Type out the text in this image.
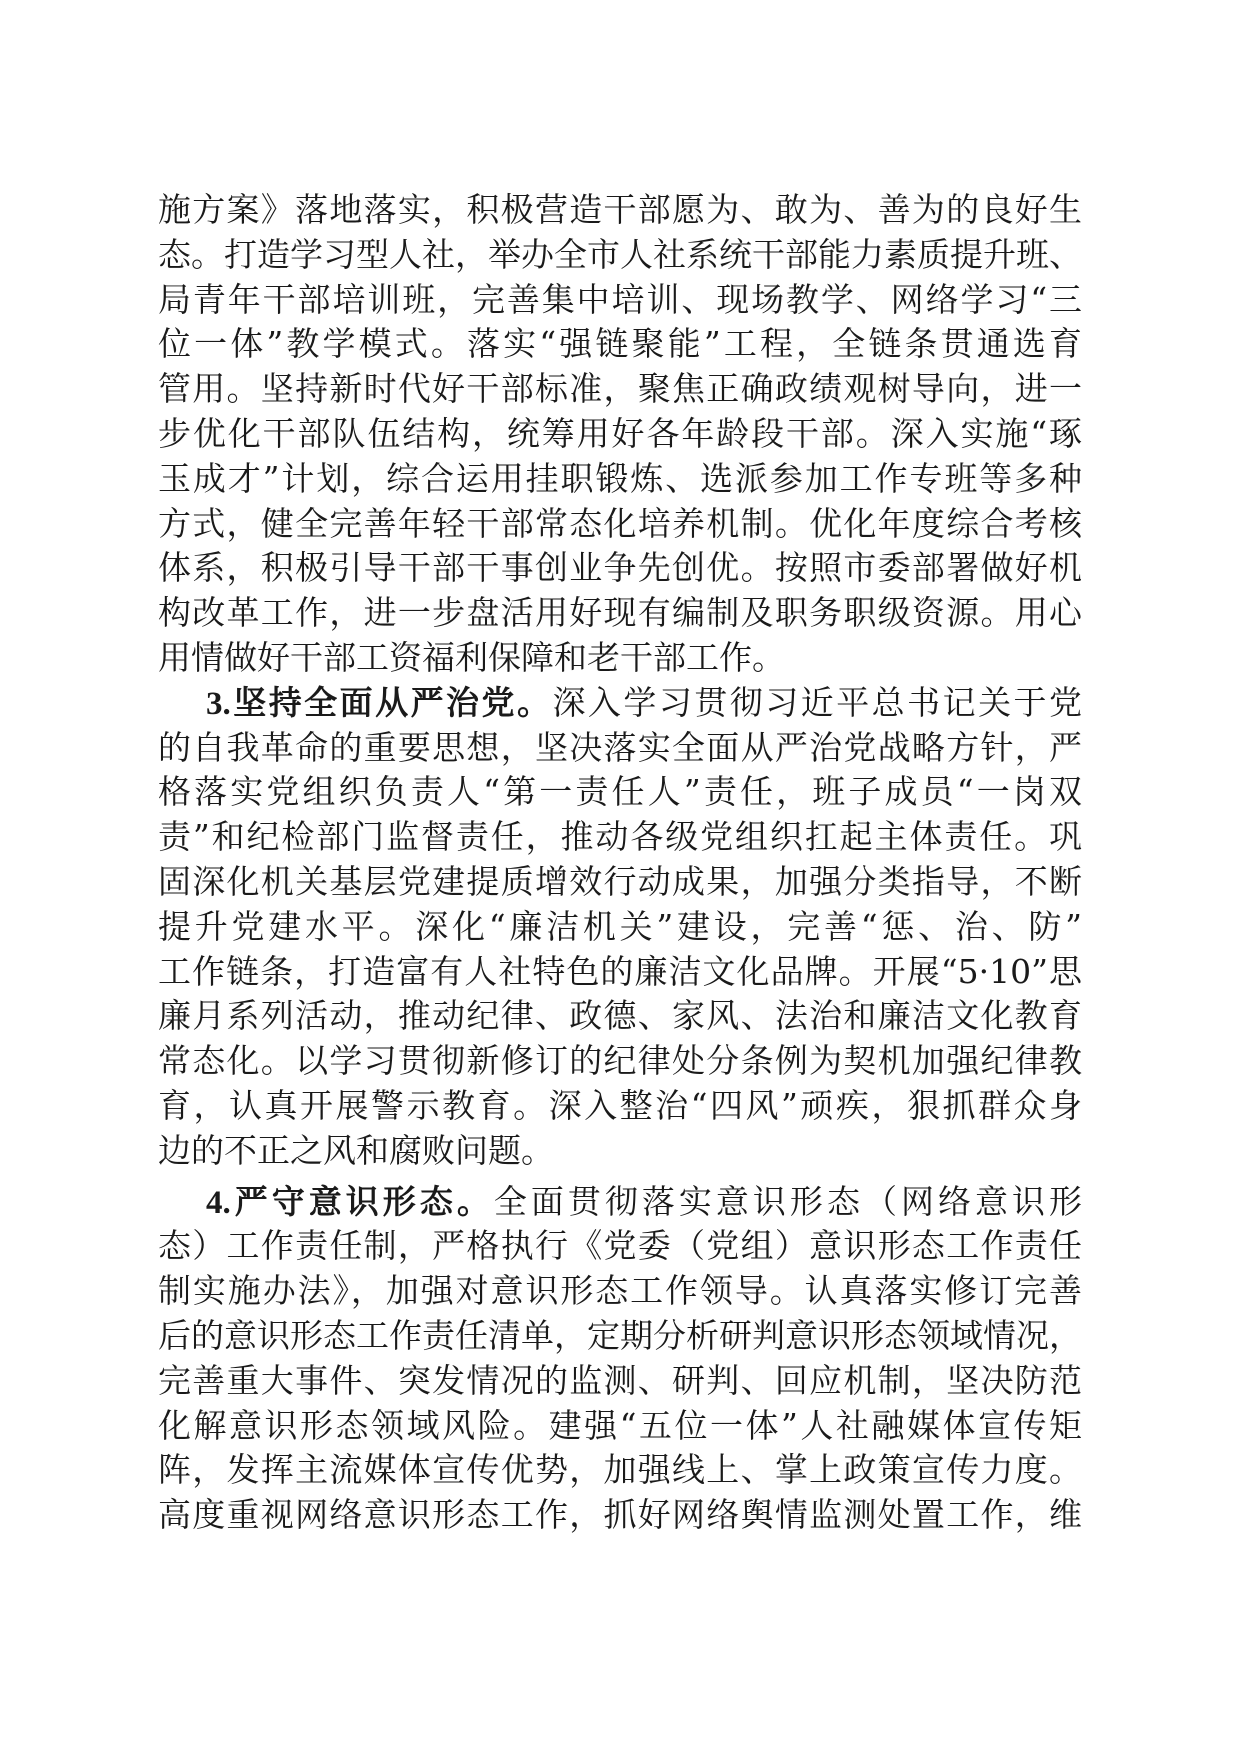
施方案》落地落实，积极营造干部愿为、敢为、善为的良好生
态。打造学习型人社，举办全市人社系统干部能力素质提升班、
局青年干部培训班，完善集中培训、现场教学、网络学习“三
位一体”教学模式。落实“强链聚能”工程，全链条贯通选育
管用。坚持新时代好干部标准，聚焦正确政绩观树导向，进一
步优化干部队伍结构，统筹用好各年龄段干部。深入实施“琢
玉成才”计划，综合运用挂职锻炼、选派参加工作专班等多种
方式，健全完善年轻干部常态化培养机制。优化年度综合考核
体系，积极引导干部干事创业争先创优。按照市委部署做好机
构改革工作，进一步盘活用好现有编制及职务职级资源。用心
用情做好干部工资福利保障和老干部工作。
3.坚持全面从严治党。深入学习贯彻习近平总书记关于党
的自我革命的重要思想，坚决落实全面从严治党战略方针，严
格落实党组织负责人“第一责任人”责任，班子成员“一岗双
责”和纪检部门监督责任，推动各级党组织扛起主体责任。巩
固深化机关基层党建提质增效行动成果，加强分类指导，不断
提升党建水平。深化“廉洁机关”建设，完善“惩、治、防”
工作链条，打造富有人社特色的廉洁文化品牌。开展“5·10”思
廉月系列活动，推动纪律、政德、家风、法治和廉洁文化教育
常态化。以学习贯彻新修订的纪律处分条例为契机加强纪律教
育，认真开展警示教育。深入整治“四风”顽疾，狠抓群众身
边的不正之风和腐败问题。
4.严守意识形态。全面贯彻落实意识形态（网络意识形
态）工作责任制，严格执行《党委（党组）意识形态工作责任
制实施办法》，加强对意识形态工作领导。认真落实修订完善
后的意识形态工作责任清单，定期分析研判意识形态领域情况，
完善重大事件、突发情况的监测、研判、回应机制，坚决防范
化解意识形态领域风险。建强“五位一体”人社融媒体宣传矩
阵，发挥主流媒体宣传优势，加强线上、掌上政策宣传力度。
高度重视网络意识形态工作，抓好网络舆情监测处置工作，维
